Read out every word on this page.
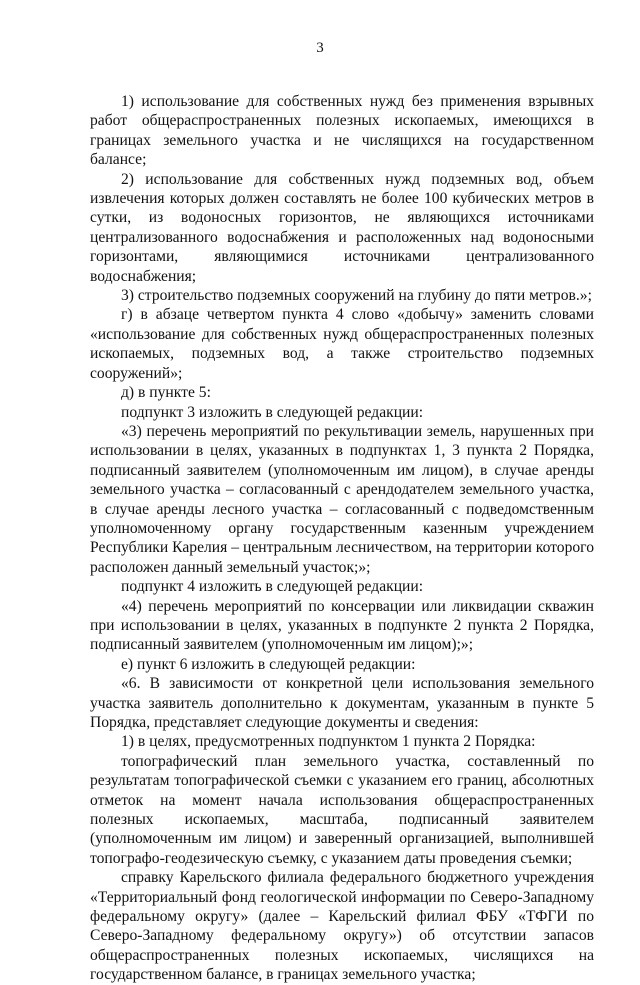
3

1) использование для собственных нужд без применения взрывных работ общераспространенных полезных ископаемых, имеющихся в границах земельного участка и не числящихся на государственном балансе;

2) использование для собственных нужд подземных вод, объем извлечения которых должен составлять не более 100 кубических метров в сутки, из водоносных горизонтов, не являющихся источниками централизованного водоснабжения и расположенных над водоносными горизонтами, являющимися источниками централизованного водоснабжения;

3) строительство подземных сооружений на глубину до пяти метров.»;

г) в абзаце четвертом пункта 4 слово «добычу» заменить словами «использование для собственных нужд общераспространенных полезных ископаемых, подземных вод, а также строительство подземных сооружений»;

д) в пункте 5:

подпункт 3 изложить в следующей редакции:

«3) перечень мероприятий по рекультивации земель, нарушенных при использовании в целях, указанных в подпунктах 1, 3 пункта 2 Порядка, подписанный заявителем (уполномоченным им лицом), в случае аренды земельного участка – согласованный с арендодателем земельного участка, в случае аренды лесного участка – согласованный с подведомственным уполномоченному органу государственным казенным учреждением Республики Карелия – центральным лесничеством, на территории которого расположен данный земельный участок;»;

подпункт 4 изложить в следующей редакции:

«4) перечень мероприятий по консервации или ликвидации скважин при использовании в целях, указанных в подпункте 2 пункта 2 Порядка, подписанный заявителем (уполномоченным им лицом);»;

е) пункт 6 изложить в следующей редакции:

«6. В зависимости от конкретной цели использования земельного участка заявитель дополнительно к документам, указанным в пункте 5 Порядка, представляет следующие документы и сведения:

1) в целях, предусмотренных подпунктом 1 пункта 2 Порядка:

топографический план земельного участка, составленный по результатам топографической съемки с указанием его границ, абсолютных отметок на момент начала использования общераспространенных полезных ископаемых, масштаба, подписанный заявителем (уполномоченным им лицом) и заверенный организацией, выполнившей топографо-геодезическую съемку, с указанием даты проведения съемки;

справку Карельского филиала федерального бюджетного учреждения «Территориальный фонд геологической информации по Северо-Западному федеральному округу» (далее – Карельский филиал ФБУ «ТФГИ по Северо-Западному федеральному округу») об отсутствии запасов общераспространенных полезных ископаемых, числящихся на государственном балансе, в границах земельного участка;
